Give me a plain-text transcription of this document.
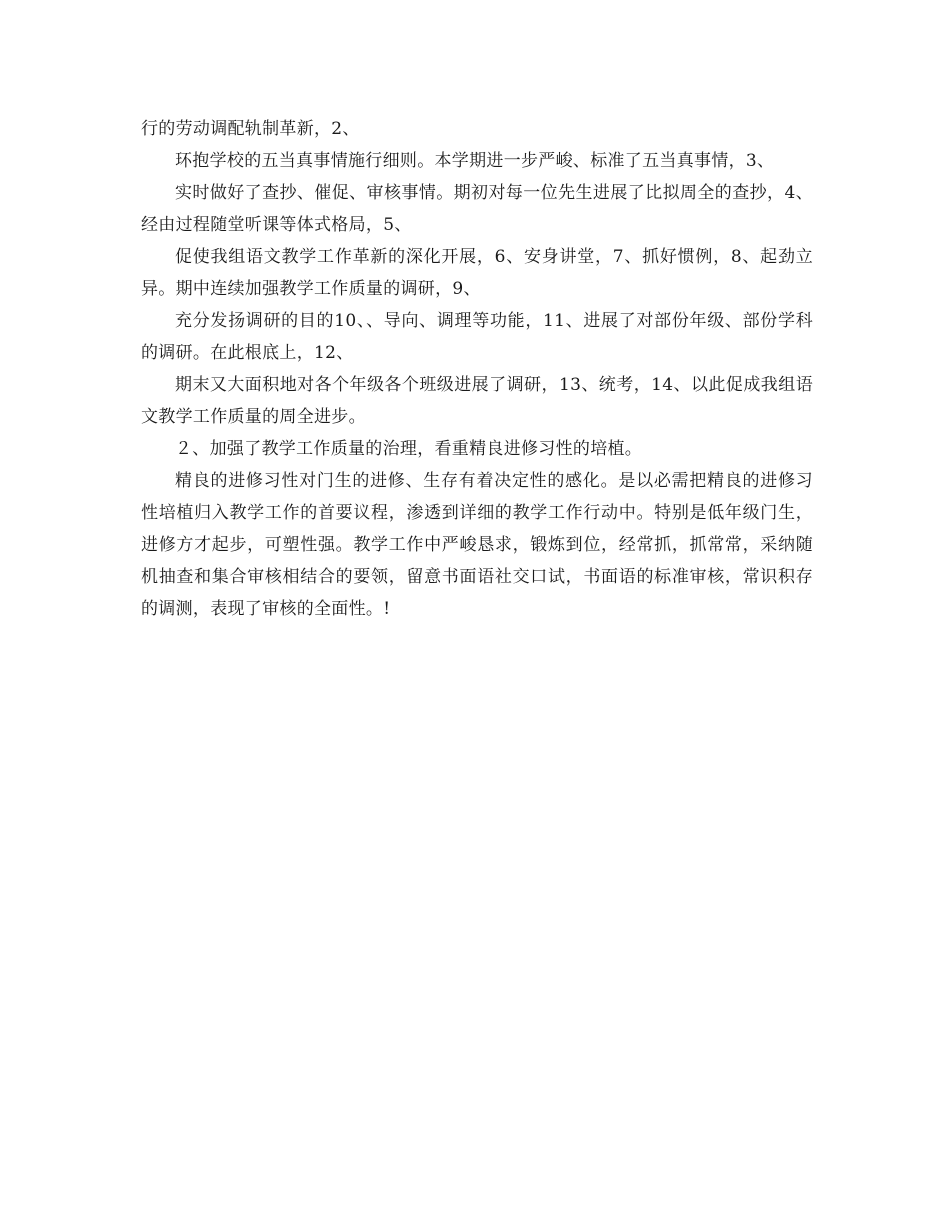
行的劳动调配轨制革新，2、

环抱学校的五当真事情施行细则。本学期进一步严峻、标准了五当真事情，3、

实时做好了查抄、催促、审核事情。期初对每一位先生进展了比拟周全的查抄，4、经由过程随堂听课等体式格局，5、

促使我组语文教学工作革新的深化开展，6、安身讲堂，7、抓好惯例，8、起劲立异。期中连续加强教学工作质量的调研，9、

充分发扬调研的目的10、、导向、调理等功能，11、进展了对部份年级、部份学科的调研。在此根底上，12、

期末又大面积地对各个年级各个班级进展了调研，13、统考，14、以此促成我组语文教学工作质量的周全进步。

２、加强了教学工作质量的治理，看重精良进修习性的培植。

精良的进修习性对门生的进修、生存有着决定性的感化。是以必需把精良的进修习性培植归入教学工作的首要议程，渗透到详细的教学工作行动中。特别是低年级门生，进修方才起步，可塑性强。教学工作中严峻恳求，锻炼到位，经常抓，抓常常，采纳随机抽查和集合审核相结合的要领，留意书面语社交口试，书面语的标准审核，常识积存的调测，表现了审核的全面性。!
